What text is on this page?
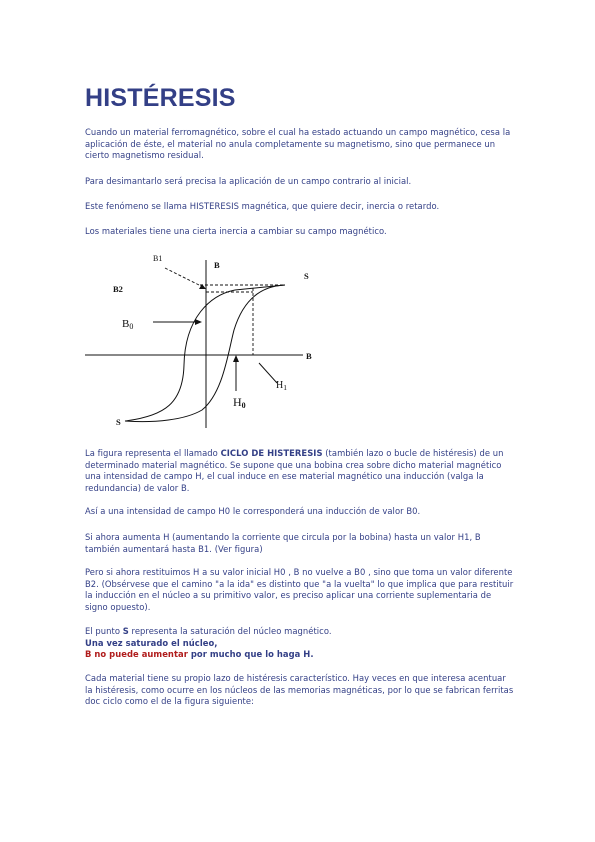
HISTÉRESIS

Cuando un material ferromagnético, sobre el cual ha estado actuando un campo magnético, cesa la aplicación de éste, el material no anula completamente su magnetismo, sino que permanece un cierto magnetismo residual.

Para desimantarlo será precisa la aplicación de un campo contrario al inicial.

Este fenómeno se llama HISTERESIS magnética, que quiere decir, inercia o retardo.

Los materiales tiene una cierta inercia a cambiar su campo magnético.

B1
B
S
B2
B0
B
$H_1$
H0
S

La figura representa el llamado CICLO DE HISTERESIS (también lazo o bucle de histéresis) de un determinado material magnético. Se supone que una bobina crea sobre dicho material magnético una intensidad de campo H, el cual induce en ese material magnético una inducción (valga la redundancia) de valor B.

Así a una intensidad de campo H0 le corresponderá una inducción de valor B0.

Si ahora aumenta H (aumentando la corriente que circula por la bobina) hasta un valor H1, B también aumentará hasta B1. (Ver figura)

Pero si ahora restituimos H a su valor inicial H0 , B no vuelve a B0 , sino que toma un valor diferente B2. (Obsérvese que el camino "a la ida" es distinto que "a la vuelta" lo que implica que para restituir la inducción en el núcleo a su primitivo valor, es preciso aplicar una corriente suplementaria de signo opuesto).

El punto S representa la saturación del núcleo magnético.
Una vez saturado el núcleo,
B no puede aumentar por mucho que lo haga H.

Cada material tiene su propio lazo de histéresis característico. Hay veces en que interesa acentuar la histéresis, como ocurre en los núcleos de las memorias magnéticas, por lo que se fabrican ferritas doc ciclo como el de la figura siguiente:
